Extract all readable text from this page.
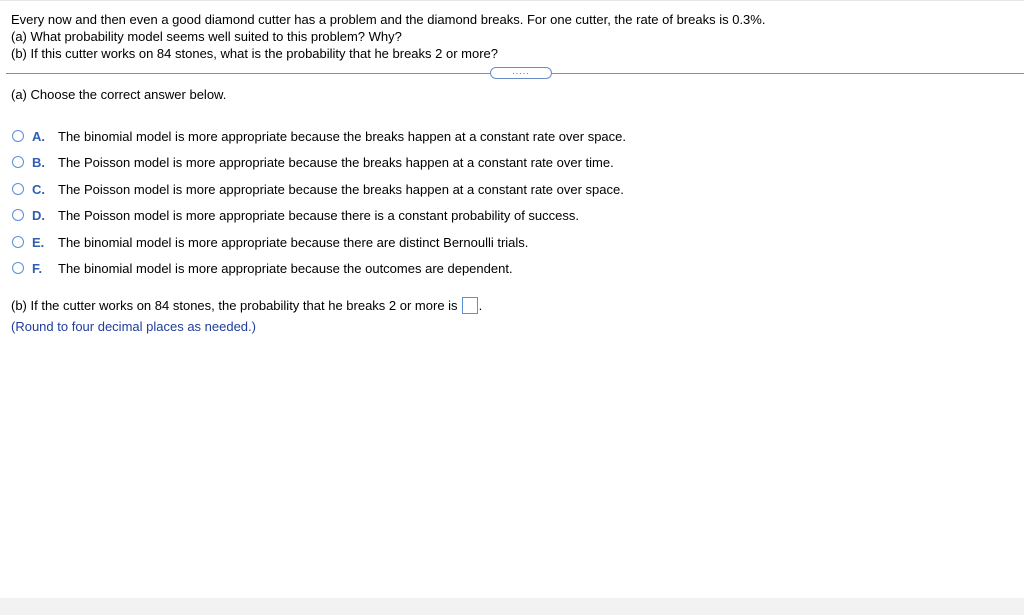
Every now and then even a good diamond cutter has a problem and the diamond breaks. For one cutter, the rate of breaks is 0.3%.
(a) What probability model seems well suited to this problem? Why?
(b) If this cutter works on 84 stones, what is the probability that he breaks 2 or more?
.....
(a) Choose the correct answer below.
A.	The binomial model is more appropriate because the breaks happen at a constant rate over space.
B.	The Poisson model is more appropriate because the breaks happen at a constant rate over time.
C.	The Poisson model is more appropriate because the breaks happen at a constant rate over space.
D.	The Poisson model is more appropriate because there is a constant probability of success.
E.	The binomial model is more appropriate because there are distinct Bernoulli trials.
F.	The binomial model is more appropriate because the outcomes are dependent.
(b) If the cutter works on 84 stones, the probability that he breaks 2 or more is .
(Round to four decimal places as needed.)
